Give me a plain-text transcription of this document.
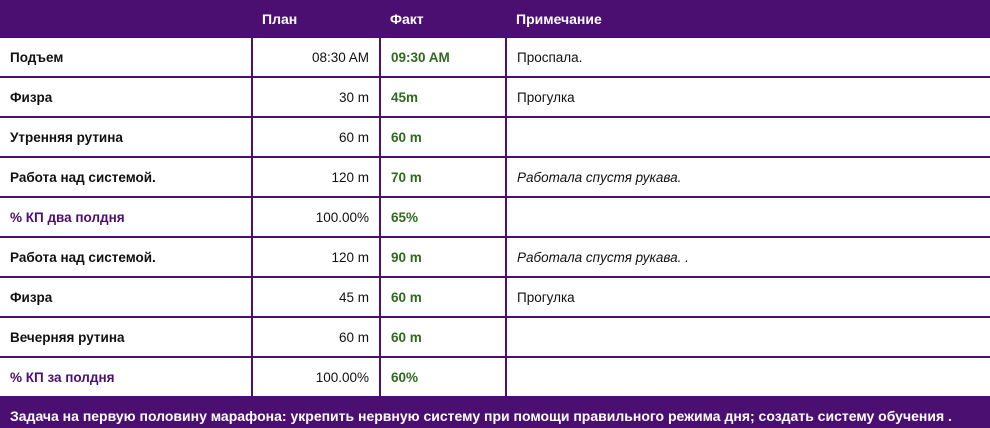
	План	Факт	Примечание
Подъем	08:30 AM	09:30 AM	Проспала.
Физра	30 m	45m	Прогулка
Утренняя рутина	60 m	60 m	
Работа над системой.	120 m	70 m	Работала спустя рукава.
% КП два полдня	100.00%	65%	
Работа над системой.	120 m	90 m	Работала спустя рукава. .
Физра	45 m	60 m	Прогулка
Вечерняя рутина	60 m	60 m	
% КП за полдня	100.00%	60%	
Задача на первую половину марафона: укрепить нервную систему при помощи правильного режима дня; создать систему обучения .
